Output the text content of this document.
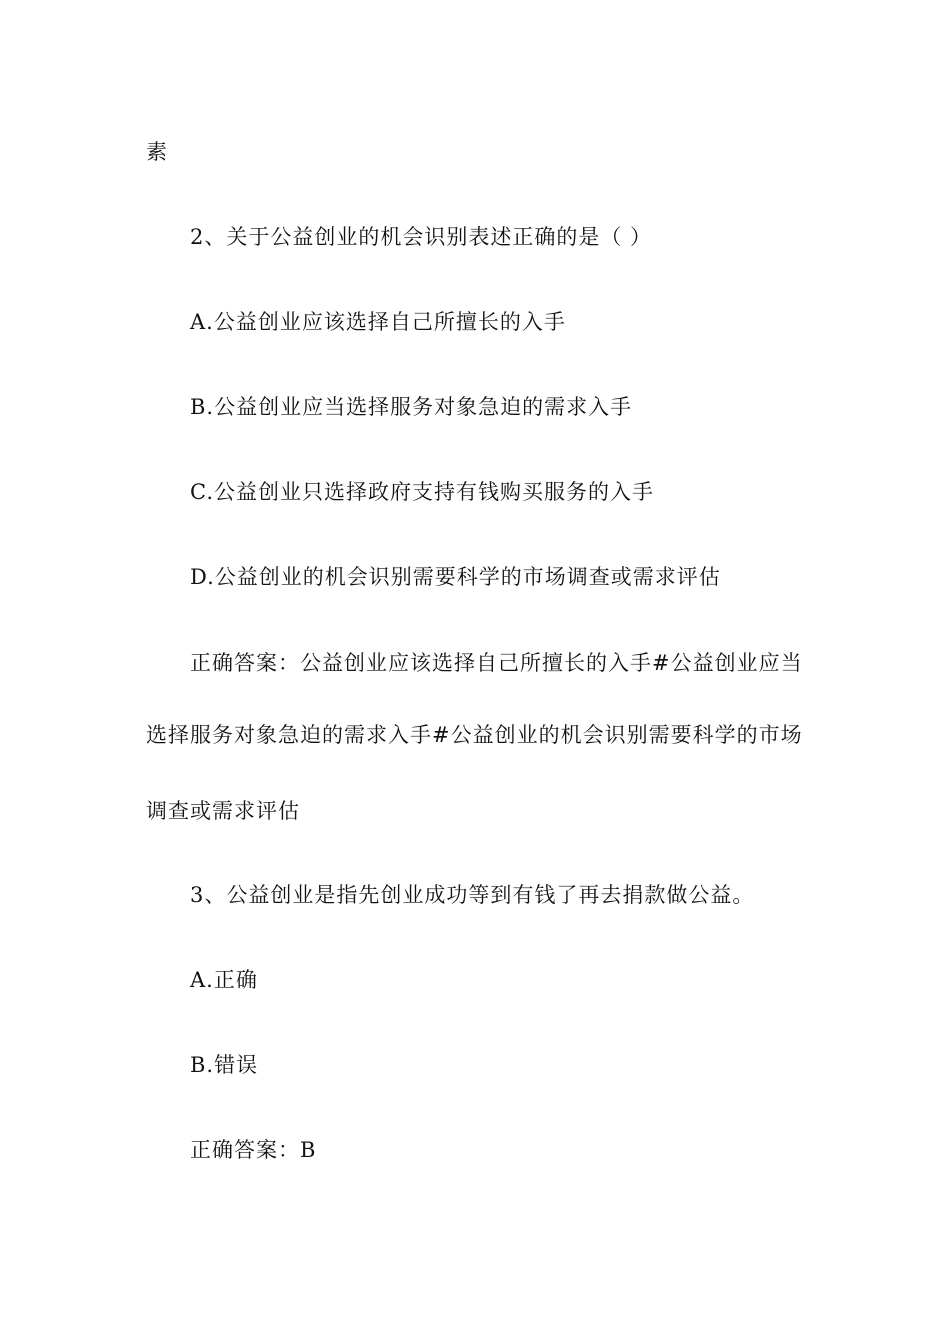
素
2、关于公益创业的机会识别表述正确的是（ ）
A.公益创业应该选择自己所擅长的入手
B.公益创业应当选择服务对象急迫的需求入手
C.公益创业只选择政府支持有钱购买服务的入手
D.公益创业的机会识别需要科学的市场调查或需求评估
正确答案：公益创业应该选择自己所擅长的入手#公益创业应当
选择服务对象急迫的需求入手#公益创业的机会识别需要科学的市场
调查或需求评估
3、公益创业是指先创业成功等到有钱了再去捐款做公益。
A.正确
B.错误
正确答案：B
